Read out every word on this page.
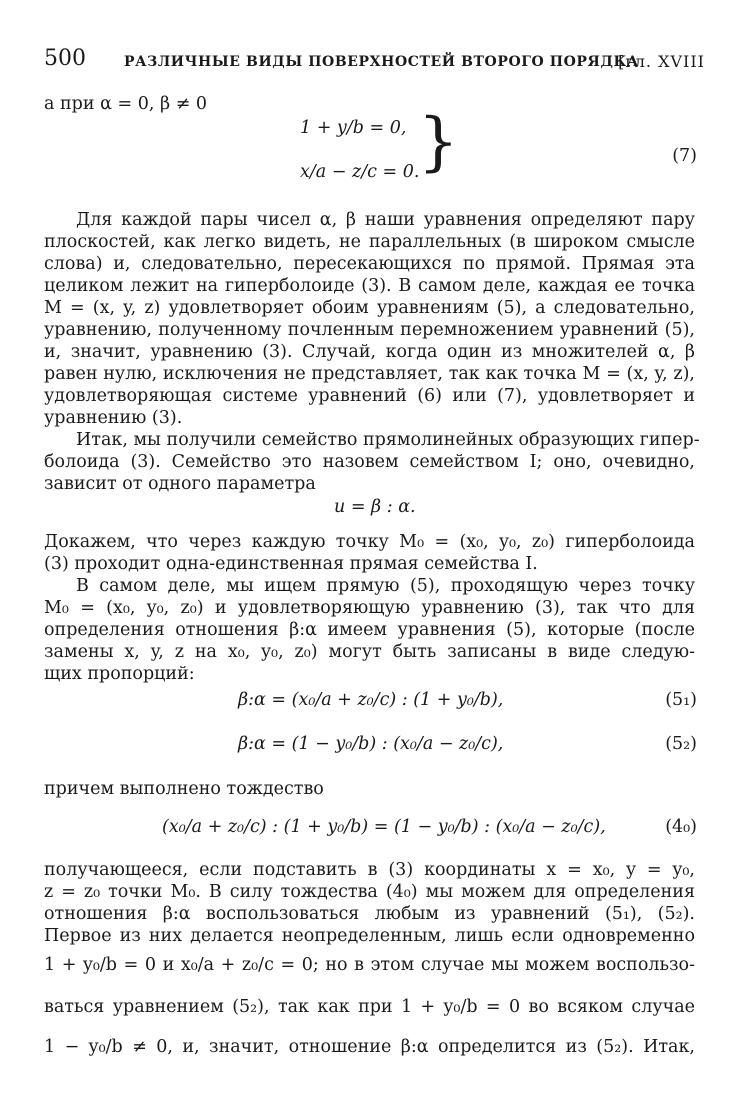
500	РАЗЛИЧНЫЕ ВИДЫ ПОВЕРХНОСТЕЙ ВТОРОГО ПОРЯДКА
[гл. XVIII
а при α = 0, β ≠ 0
1 + y/b = 0,
x/a − z/c = 0.
}	(7)
Для каждой пары чисел α, β наши уравнения определяют пару
плоскостей, как легко видеть, не параллельных (в широком смысле
слова) и, следовательно, пересекающихся по прямой. Прямая эта
целиком лежит на гиперболоиде (3). В самом деле, каждая ее точка
M = (x, y, z) удовлетворяет обоим уравнениям (5), а следовательно,
уравнению, полученному почленным перемножением уравнений (5),
и, значит, уравнению (3). Случай, когда один из множителей α, β
равен нулю, исключения не представляет, так как точка M = (x, y, z),
удовлетворяющая системе уравнений (6) или (7), удовлетворяет и
уравнению (3).
Итак, мы получили семейство прямолинейных образующих гипер-
болоида (3). Семейство это назовем семейством I; оно, очевидно,
зависит от одного параметра
u = β : α.
Докажем, что через каждую точку M₀ = (x₀, y₀, z₀) гиперболоида
(3) проходит одна-единственная прямая семейства I.
В самом деле, мы ищем прямую (5), проходящую через точку
M₀ = (x₀, y₀, z₀) и удовлетворяющую уравнению (3), так что для
определения отношения β:α имеем уравнения (5), которые (после
замены x, y, z на x₀, y₀, z₀) могут быть записаны в виде следую-
щих пропорций:
β:α = (x₀/a + z₀/c) : (1 + y₀/b),	(5₁)
β:α = (1 − y₀/b) : (x₀/a − z₀/c),	(5₂)
причем выполнено тождество
(x₀/a + z₀/c) : (1 + y₀/b) = (1 − y₀/b) : (x₀/a − z₀/c),	(4₀)
получающееся, если подставить в (3) координаты x = x₀, y = y₀,
z = z₀ точки M₀. В силу тождества (4₀) мы можем для определения
отношения β:α воспользоваться любым из уравнений (5₁), (5₂).
Первое из них делается неопределенным, лишь если одновременно
1 + y₀/b = 0 и x₀/a + z₀/c = 0; но в этом случае мы можем воспользо-
ваться уравнением (5₂), так как при 1 + y₀/b = 0 во всяком случае
1 − y₀/b ≠ 0, и, значит, отношение β:α определится из (5₂). Итак,
